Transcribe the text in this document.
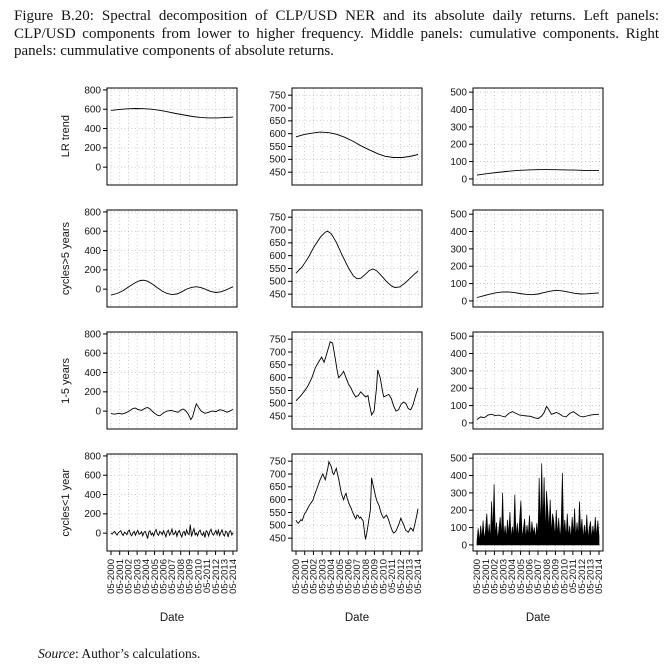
Figure B.20: Spectral decomposition of CLP/USD NER and its absolute daily returns. Left panels: CLP/USD components from lower to higher frequency. Middle panels: cumulative components. Right panels: cummulative components of absolute returns.
LR trend
cycles>5 years
1-5 years
cycles<1 year
0
200
400
600
800
450
500
550
600
650
700
750
0
100
200
300
400
500
0
200
400
600
800
450
500
550
600
650
700
750
0
100
200
300
400
500
0
200
400
600
800
450
500
550
600
650
700
750
0
100
200
300
400
500
0
200
400
600
800
05-2000
05-2001
05-2002
05-2003
05-2004
05-2005
05-2006
05-2007
05-2008
05-2009
05-2010
05-2011
05-2012
05-2013
05-2014
450
500
550
600
650
700
750
05-2000
05-2001
05-2002
05-2003
05-2004
05-2005
05-2006
05-2007
05-2008
05-2009
05-2010
05-2011
05-2012
05-2013
05-2014
0
100
200
300
400
500
05-2000
05-2001
05-2002
05-2003
05-2004
05-2005
05-2006
05-2007
05-2008
05-2009
05-2010
05-2011
05-2012
05-2013
05-2014
Date	Date	Date
Source: Author’s calculations.
